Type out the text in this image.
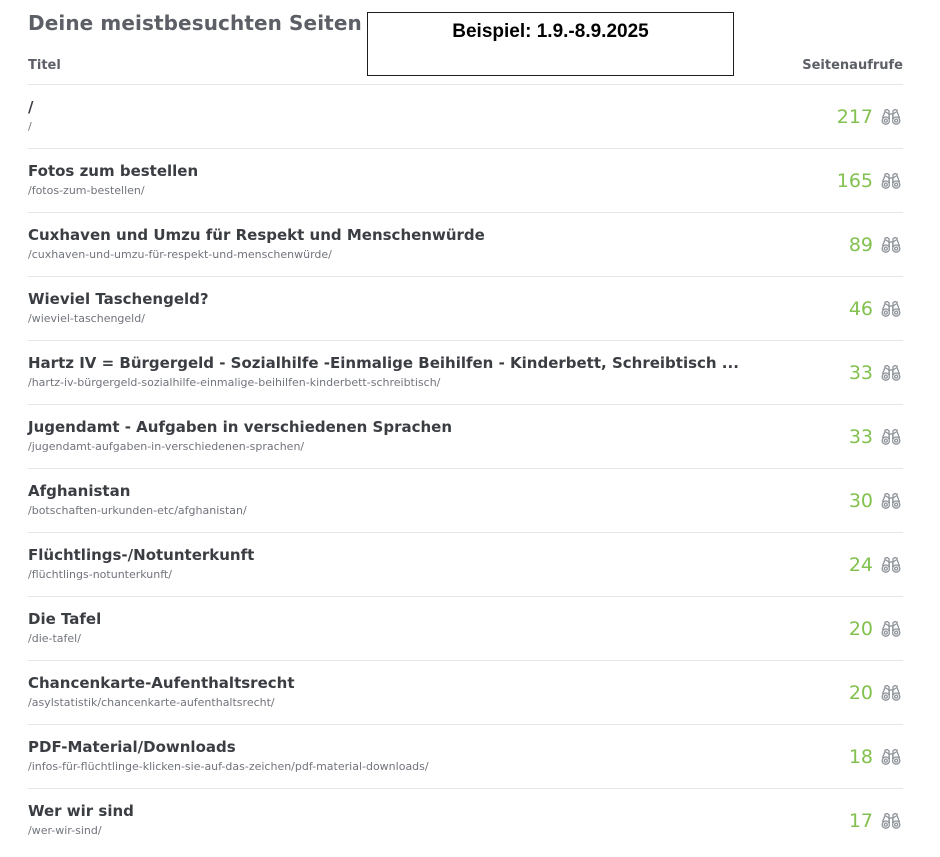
Deine meistbesuchten Seiten	Beispiel: 1.9.-8.9.2025
Titel	Seitenaufrufe
/
/	217
Fotos zum bestellen
/fotos-zum-bestellen/	165
Cuxhaven und Umzu für Respekt und Menschenwürde
/cuxhaven-und-umzu-für-respekt-und-menschenwürde/	89
Wieviel Taschengeld?
/wieviel-taschengeld/	46
Hartz IV = Bürgergeld - Sozialhilfe -Einmalige Beihilfen - Kinderbett, Schreibtisch ...
/hartz-iv-bürgergeld-sozialhilfe-einmalige-beihilfen-kinderbett-schreibtisch/	33
Jugendamt - Aufgaben in verschiedenen Sprachen
/jugendamt-aufgaben-in-verschiedenen-sprachen/	33
Afghanistan
/botschaften-urkunden-etc/afghanistan/	30
Flüchtlings-/Notunterkunft
/flüchtlings-notunterkunft/	24
Die Tafel
/die-tafel/	20
Chancenkarte-Aufenthaltsrecht
/asylstatistik/chancenkarte-aufenthaltsrecht/	20
PDF-Material/Downloads
/infos-für-flüchtlinge-klicken-sie-auf-das-zeichen/pdf-material-downloads/	18
Wer wir sind
/wer-wir-sind/	17
